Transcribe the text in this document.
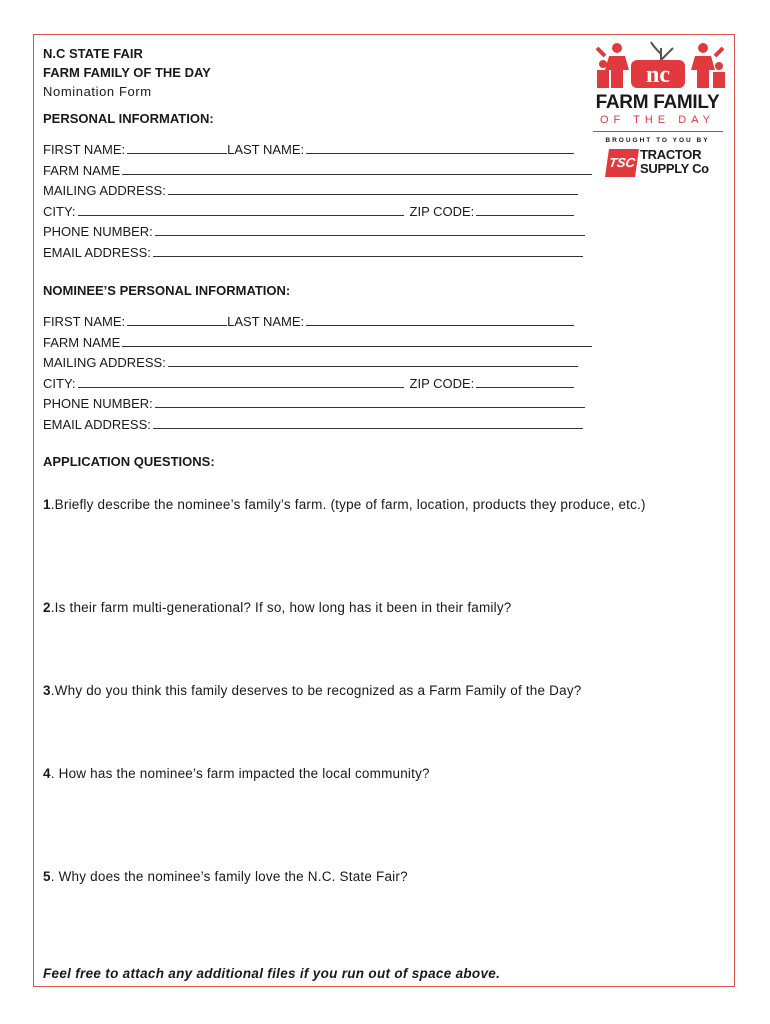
N.C STATE FAIR
FARM FAMILY OF THE DAY
Nomination Form
nc
FARM FAMILY
OF THE DAY
BROUGHT TO YOU BY
TSC
TRACTOR
SUPPLY Co
PERSONAL INFORMATION:
FIRST NAME:	LAST NAME:
FARM NAME
MAILING ADDRESS:
CITY:	ZIP CODE:
PHONE NUMBER:
EMAIL ADDRESS:
NOMINEE’S PERSONAL INFORMATION:
FIRST NAME:	LAST NAME:
FARM NAME
MAILING ADDRESS:
CITY:	ZIP CODE:
PHONE NUMBER:
EMAIL ADDRESS:
APPLICATION QUESTIONS:
1.Briefly describe the nominee’s family’s farm. (type of farm, location, products they produce, etc.)
2.Is their farm multi-generational? If so, how long has it been in their family?
3.Why do you think this family deserves to be recognized as a Farm Family of the Day?
4. How has the nominee’s farm impacted the local community?
5. Why does the nominee’s family love the N.C. State Fair?
Feel free to attach any additional files if you run out of space above.
